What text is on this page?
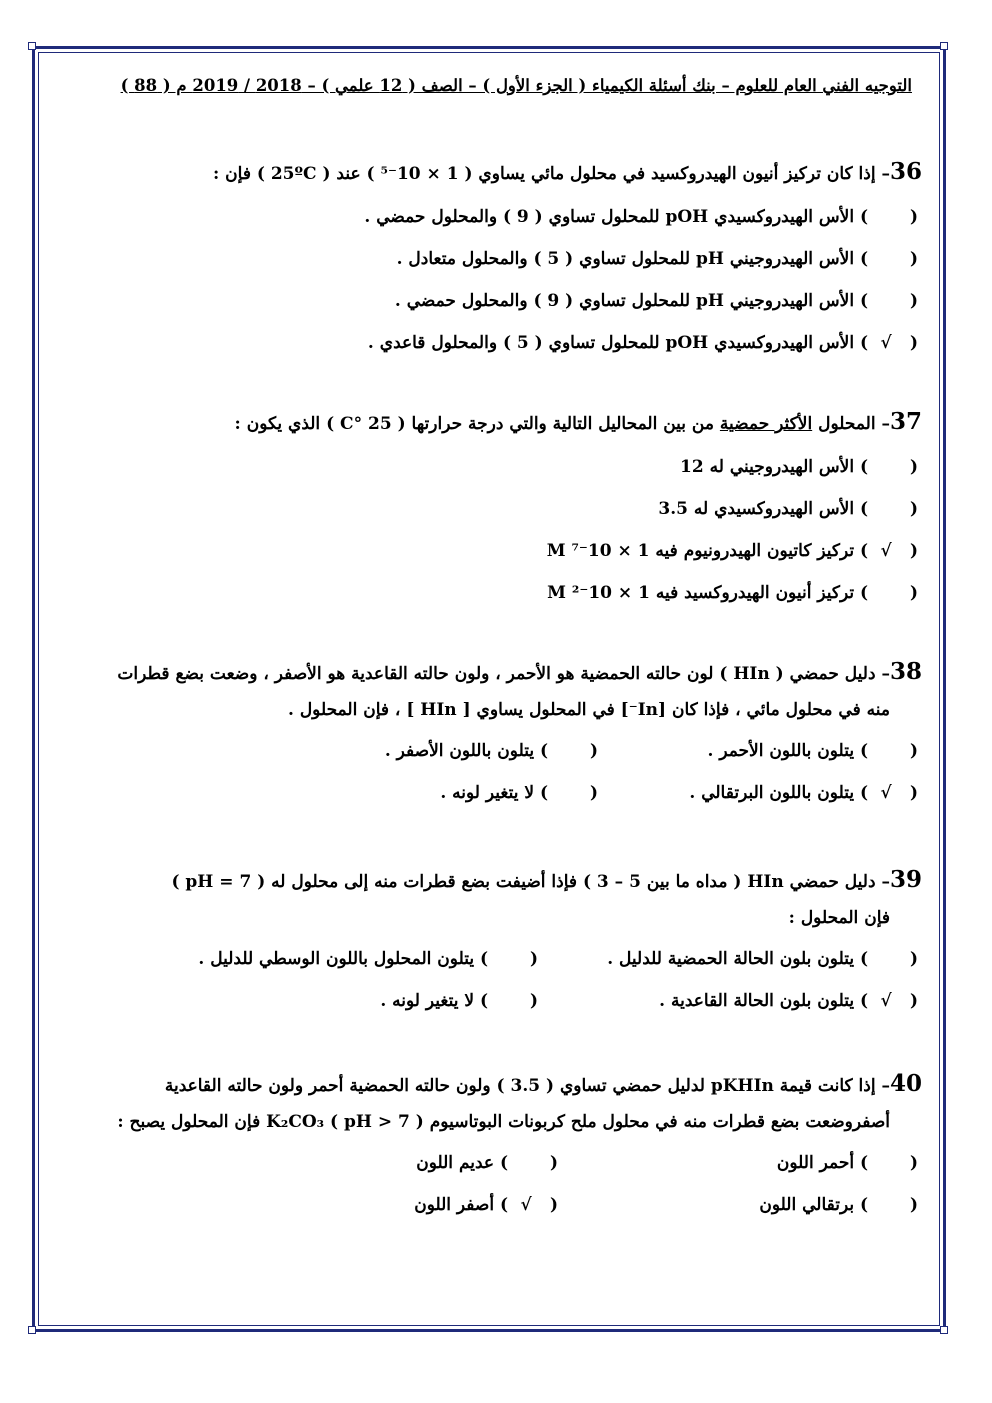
التوجيه الفني العام للعلوم – بنك أسئلة الكيمياء ( الجزء الأول ) – الصف ( 12 علمي ) – 2018 / 2019 م ( 88 )

36– إذا كان تركيز أنيون الهيدروكسيد في محلول مائي يساوي ( 1 × 10⁻⁵ ) عند ( 25ºC ) فإن :

( ) الأس الهيدروكسيدي pOH للمحلول تساوي ( 9 ) والمحلول حمضي .
( ) الأس الهيدروجيني pH للمحلول تساوي ( 5 ) والمحلول متعادل .
( ) الأس الهيدروجيني pH للمحلول تساوي ( 9 ) والمحلول حمضي .
( √) الأس الهيدروكسيدي pOH للمحلول تساوي ( 5 ) والمحلول قاعدي .

37– المحلول الأكثر حمضية من بين المحاليل التالية والتي درجة حرارتها ( 25 °C ) الذي يكون :

( ) الأس الهيدروجيني له 12
( ) الأس الهيدروكسيدي له 3.5
( √) تركيز كاتيون الهيدرونيوم فيه 1 × 10⁻⁷ M
( ) تركيز أنيون الهيدروكسيد فيه 1 × 10⁻² M

38– دليل حمضي ( HIn ) لون حالته الحمضية هو الأحمر ، ولون حالته القاعدية هو الأصفر ، وضعت بضع قطرات

منه في محلول مائي ، فإذا كان [In⁻] في المحلول يساوي [ HIn ] ، فإن المحلول .

( ) يتلون باللون الأحمر .
( ) يتلون باللون الأصفر .
( √) يتلون باللون البرتقالي .
( ) لا يتغير لونه .

39– دليل حمضي HIn ( مداه ما بين 5 – 3 ) فإذا أضيفت بضع قطرات منه إلى محلول له ( pH = 7 )

فإن المحلول :

( ) يتلون بلون الحالة الحمضية للدليل .
( ) يتلون المحلول باللون الوسطي للدليل .
( √) يتلون بلون الحالة القاعدية .
( ) لا يتغير لونه .

40– إذا كانت قيمة pKHIn لدليل حمضي تساوي ( 3.5 ) ولون حالته الحمضية أحمر ولون حالته القاعدية

أصفروضعت بضع قطرات منه في محلول ملح كربونات البوتاسيوم K₂CO₃ ( pH > 7 ) فإن المحلول يصبح :

( ) أحمر اللون
( ) عديم اللون
( ) برتقالي اللون
( √) أصفر اللون
